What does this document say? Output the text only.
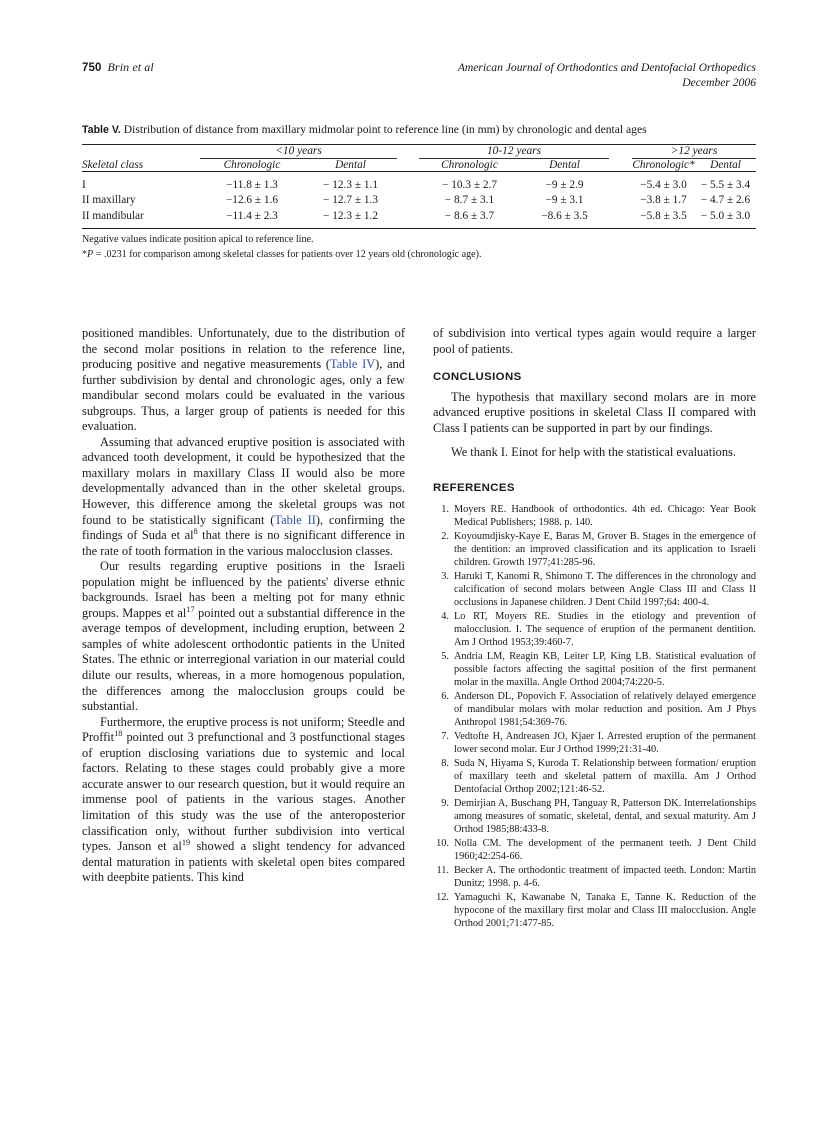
750 Brin et al	American Journal of Orthodontics and Dentofacial Orthopedics
December 2006
Table V. Distribution of distance from maxillary midmolar point to reference line (in mm) by chronologic and dental ages

	<10 years			10-12 years			>12 years	

Skeletal class	Chronologic	Dental		Chronologic	Dental		Chronologic*	Dental

I	−11.8 ± 1.3	− 12.3 ± 1.1		− 10.3 ± 2.7	−9 ± 2.9		−5.4 ± 3.0	− 5.5 ± 3.4
II maxillary	−12.6 ± 1.6	− 12.7 ± 1.3		− 8.7 ± 3.1	−9 ± 3.1		−3.8 ± 1.7	− 4.7 ± 2.6
II mandibular	−11.4 ± 2.3	− 12.3 ± 1.2		− 8.6 ± 3.7	−8.6 ± 3.5		−5.8 ± 3.5	− 5.0 ± 3.0

Negative values indicate position apical to reference line.
*P = .0231 for comparison among skeletal classes for patients over 12 years old (chronologic age).

positioned mandibles. Unfortunately, due to the distribution of the second molar positions in relation to the reference line, producing positive and negative measurements (Table IV), and further subdivision by dental and chronologic ages, only a few mandibular second molars could be evaluated in the various subgroups. Thus, a larger group of patients is needed for this evaluation.

Assuming that advanced eruptive position is associated with advanced tooth development, it could be hypothesized that the maxillary molars in maxillary Class II would also be more developmentally advanced than in the other skeletal groups. However, this difference among the skeletal groups was not found to be statistically significant (Table II), confirming the findings of Suda et al$^8$ that there is no significant difference in the rate of tooth formation in the various malocclusion classes.

Our results regarding eruptive positions in the Israeli population might be influenced by the patients' diverse ethnic backgrounds. Israel has been a melting pot for many ethnic groups. Mappes et al$^{17}$ pointed out a substantial difference in the average tempos of development, including eruption, between 2 samples of white adolescent orthodontic patients in the United States. The ethnic or interregional variation in our material could dilute our results, whereas, in a more homogenous population, the differences among the malocclusion groups could be substantial.

Furthermore, the eruptive process is not uniform; Steedle and Proffit$^{18}$ pointed out 3 prefunctional and 3 postfunctional stages of eruption disclosing variations due to systemic and local factors. Relating to these stages could probably give a more accurate answer to our research question, but it would require an immense pool of patients in the various stages. Another limitation of this study was the use of the anteroposterior classification only, without further subdivision into vertical types. Janson et al$^{19}$ showed a slight tendency for advanced dental maturation in patients with skeletal open bites compared with deepbite patients. This kind

of subdivision into vertical types again would require a larger pool of patients.

CONCLUSIONS

The hypothesis that maxillary second molars are in more advanced eruptive positions in skeletal Class II compared with Class I patients can be supported in part by our findings.

We thank I. Einot for help with the statistical evaluations.

REFERENCES
1. Moyers RE. Handbook of orthodontics. 4th ed. Chicago: Year Book Medical Publishers; 1988. p. 140.
2. Koyoumdjisky-Kaye E, Baras M, Grover B. Stages in the emergence of the dentition: an improved classification and its application to Israeli children. Growth 1977;41:285-96.
3. Haruki T, Kanomi R, Shimono T. The differences in the chronology and calcification of second molars between Angle Class III and Class II occlusions in Japanese children. J Dent Child 1997;64: 400-4.
4. Lo RT, Moyers RE. Studies in the etiology and prevention of malocclusion. I. The sequence of eruption of the permanent dentition. Am J Orthod 1953;39:460-7.
5. Andria LM, Reagin KB, Leiter LP, King LB. Statistical evaluation of possible factors affecting the sagittal position of the first permanent molar in the maxilla. Angle Orthod 2004;74:220-5.
6. Anderson DL, Popovich F. Association of relatively delayed emergence of mandibular molars with molar reduction and position. Am J Phys Anthropol 1981;54:369-76.
7. Vedtofte H, Andreasen JO, Kjaer I. Arrested eruption of the permanent lower second molar. Eur J Orthod 1999;21:31-40.
8. Suda N, Hiyama S, Kuroda T. Relationship between formation/ eruption of maxillary teeth and skeletal pattern of maxilla. Am J Orthod Dentofacial Orthop 2002;121:46-52.
9. Demirjian A, Buschang PH, Tanguay R, Patterson DK. Interrelationships among measures of somatic, skeletal, dental, and sexual maturity. Am J Orthod 1985;88:433-8.
10. Nolla CM. The development of the permanent teeth. J Dent Child 1960;42:254-66.
11. Becker A. The orthodontic treatment of impacted teeth. London: Martin Dunitz; 1998. p. 4-6.
12. Yamaguchi K, Kawanabe N, Tanaka E, Tanne K. Reduction of the hypocone of the maxillary first molar and Class III malocclusion. Angle Orthod 2001;71:477-85.
